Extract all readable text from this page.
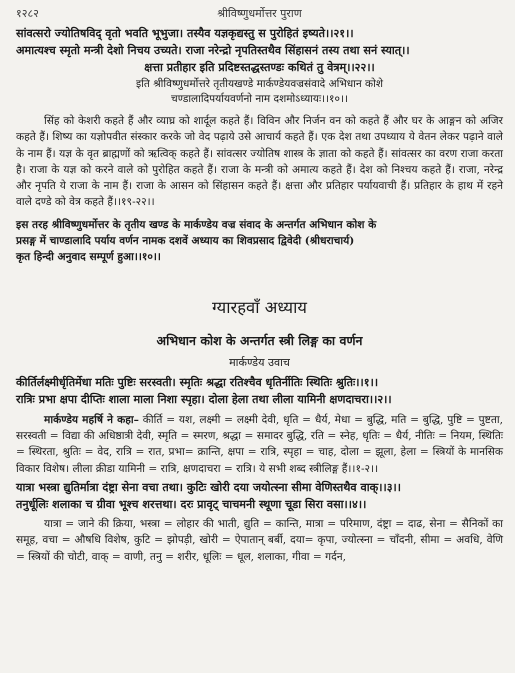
१२८२	श्रीविष्णुधर्मोत्तर पुराण

सांवत्सरो ज्योतिषविद् वृतो भवति भूभुजा। तस्यैव यज्ञकृद्यस्तु स पुरोहितं इष्यते।।२१।।

अमात्यश्च स्मृतो मन्त्री देशो निचय उच्यते। राजा नरेन्द्रो नृपतिस्तथैव सिंहासनं तस्य तथा सनं स्यात्।।

क्षत्ता प्रतीहार इति प्रदिष्टस्तद्धस्तण्डः कथितं तु वेत्रम्।।२२।।

इति श्रीविष्णुधर्मोत्तरे तृतीयखण्डे मार्कण्डेयवज्रसंवादे अभिधान कोशे

चण्डालादिपर्यायवर्णनो नाम दशमोऽध्यायः।।१०।।

सिंह को केशरी कहते हैं और व्याघ्र को शार्दूल कहते हैं। विविन और निर्जन वन को कहते हैं और घर के आङ्गन को अजिर कहते हैं। शिष्य का यज्ञोपवीत संस्कार करके जो वेद पढ़ाये उसे आचार्य कहते हैं। एक देश तथा उपध्याय ये वेतन लेकर पढ़ाने वाले के नाम हैं। यज्ञ के वृत ब्राह्मणों को ऋत्विक् कहते हैं। सांवत्सर ज्योतिष शास्त्र के ज्ञाता को कहते हैं। सांवत्सर का वरण राजा करता है। राजा के यज्ञ को करने वाले को पुरोहित कहते हैं। राजा के मन्त्री को अमात्य कहते हैं। देश को निश्चय कहते हैं। राजा, नरेन्द्र और नृपति ये राजा के नाम हैं। राजा के आसन को सिंहासन कहते हैं। क्षत्ता और प्रतिहार पर्यायवाची हैं। प्रतिहार के हाथ में रहने वाले दण्डे को वेत्र कहते हैं।।१९-२२।।

इस तरह श्रीविष्णुधर्मोत्तर के तृतीय खण्ड के मार्कण्डेय वज्र संवाद के अन्तर्गत अभिधान कोश के

प्रसङ्ग में चाण्डालादि पर्याय वर्णन नामक दशवें अध्याय का शिवप्रसाद द्विवेदी (श्रीधराचार्य)

कृत हिन्दी अनुवाद सम्पूर्ण हुआ।।१०।।

ग्यारहवाँ अध्याय
अभिधान कोश के अन्तर्गत स्त्री लिङ्ग का वर्णन
मार्कण्डेय उवाच

कीर्तिर्लक्ष्मीर्धृतिर्मेधा मतिः पुष्टिः सरस्वती। स्मृतिः श्रद्धा रतिश्चैव धृतिर्नीतिः स्थितिः श्रुतिः।।१।।

रात्रिः प्रभा क्षपा दीप्तिः शाला माला निशा स्पृहा। दोला हेला तथा लीला यामिनी क्षणदाचरा।।२।।

मार्कण्डेय महर्षि ने कहा– कीर्ति = यश, लक्ष्मी = लक्ष्मी देवी, धृति = धैर्य, मेधा = बुद्धि, मति = बुद्धि, पुष्टि = पुष्टता, सरस्वती = विद्या की अधिष्ठात्री देवी, स्मृति = स्मरण, श्रद्धा = समादर बुद्धि, रति = स्नेह, धृतिः = धैर्य, नीतिः = नियम, स्थितिः = स्थिरता, श्रुतिः = वेद, रात्रि = रात, प्रभा= क्रान्ति, क्षपा = रात्रि, स्पृहा = चाह, दोला = झूला, हेला = स्त्रियों के मानसिक विकार विशेष। लीला क्रीडा यामिनी = रात्रि, क्षणदाचरा = रात्रि। ये सभी शब्द स्त्रीलिङ्ग हैं।।१-२।।

यात्रा भस्त्रा द्युतिर्मात्रा दंष्ट्रा सेना वचा तथा। कुटिः खोरी दया जयोत्स्ना सीमा वेणिस्तथैव वाक्।।३।।

तनुर्धूलिः शलाका च ग्रीवा भूश्च शरत्तथा। दरः प्रावृट् चाचमनी स्थूणा चूडा सिरा वसा।।४।।

यात्रा = जाने की क्रिया, भस्त्रा = लोहार की भाती, द्युति = कान्ति, मात्रा = परिमाण, दंष्ट्रा = दाढ, सेना = सैनिकों का समूह, वचा = औषधि विशेष, कुटि = झोपड़ी, खोरी = ऐपातान् बर्बी, दया= कृपा, ज्योत्स्ना = चाँदनी, सीमा = अवधि, वेणि = स्त्रियों की चोटी, वाक् = वाणी, तनु = शरीर, धूलिः = धूल, शलाका, गीवा = गर्दन,
